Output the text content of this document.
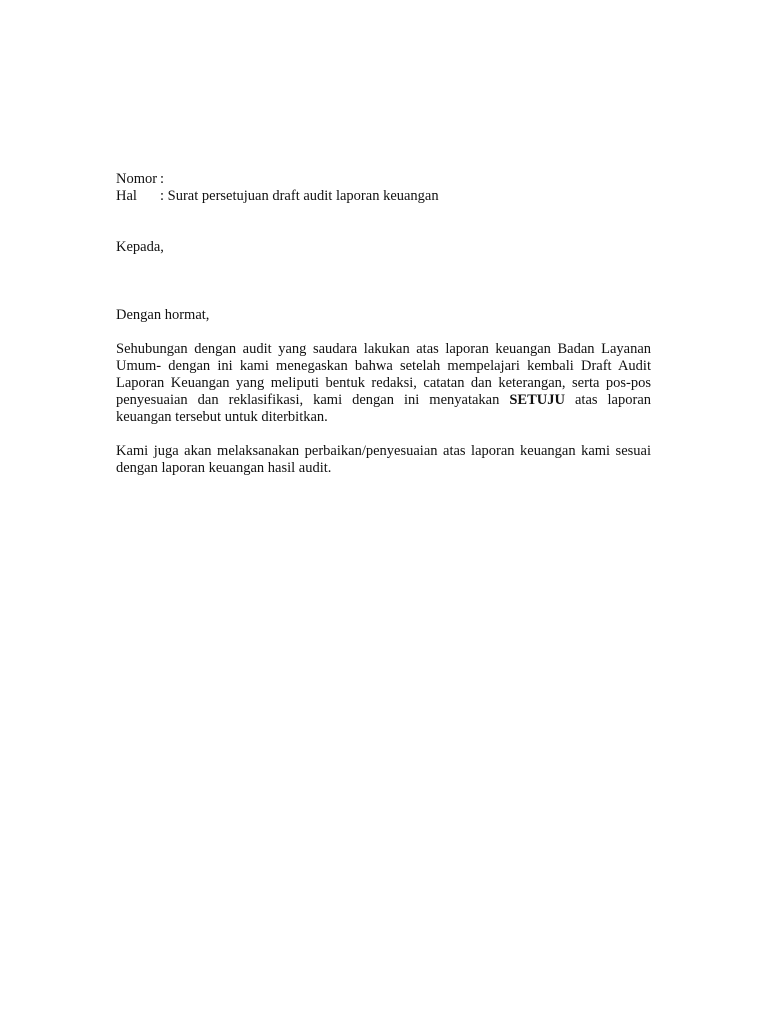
Nomor :
Hal	: Surat persetujuan draft audit laporan keuangan
Kepada,
Dengan hormat,
Sehubungan dengan audit yang saudara lakukan atas laporan keuangan Badan Layanan Umum- dengan ini kami menegaskan bahwa setelah mempelajari kembali Draft Audit Laporan Keuangan yang meliputi bentuk redaksi, catatan dan keterangan, serta pos-pos penyesuaian dan reklasifikasi, kami dengan ini menyatakan SETUJU atas laporan keuangan tersebut untuk diterbitkan.
Kami juga akan melaksanakan perbaikan/penyesuaian atas laporan keuangan kami sesuai dengan laporan keuangan hasil audit.
